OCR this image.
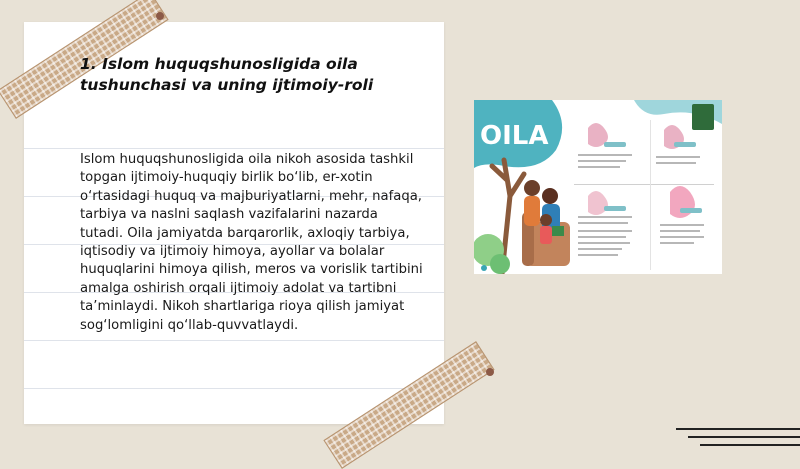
1. Islom huquqshunosligida oila tushunchasi va uning ijtimoiy-roli

Islom huquqshunosligida oila nikoh asosida tashkil topgan ijtimoiy-huquqiy birlik bo‘lib, er-xotin o‘rtasidagi huquq va majburiyatlarni, mehr, nafaqa, tarbiya va naslni saqlash vazifalarini nazarda tutadi. Oila jamiyatda barqarorlik, axloqiy tarbiya, iqtisodiy va ijtimoiy himoya, ayollar va bolalar huquqlarini himoya qilish, meros va vorislik tartibini amalga oshirish orqali ijtimoiy adolat va tartibni ta’minlaydi. Nikoh shartlariga rioya qilish jamiyat sog‘lomligini qo‘llab-quvvatlaydi.

OILA
